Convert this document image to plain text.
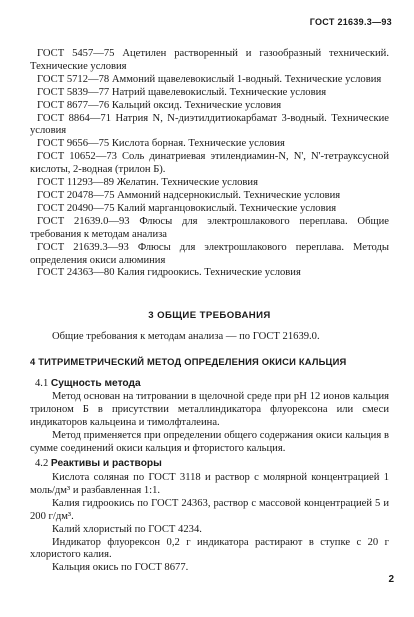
ГОСТ 21639.3—93

ГОСТ 5457—75 Ацетилен растворенный и газообразный технический. Технические условия

ГОСТ 5712—78 Аммоний щавелевокислый 1-водный. Технические условия

ГОСТ 5839—77 Натрий щавелевокислый. Технические условия

ГОСТ 8677—76 Кальций оксид. Технические условия

ГОСТ 8864—71 Натрия N, N-диэтилдитиокарбамат 3-водный. Технические условия

ГОСТ 9656—75 Кислота борная. Технические условия

ГОСТ 10652—73 Соль динатриевая этилендиамин-N, N', N'-тетрауксусной кислоты, 2-водная (трилон Б).

ГОСТ 11293—89 Желатин. Технические условия

ГОСТ 20478—75 Аммоний надсернокислый. Технические условия

ГОСТ 20490—75 Калий марганцовокислый. Технические условия

ГОСТ 21639.0—93 Флюсы для электрошлакового переплава. Общие требования к методам анализа

ГОСТ 21639.3—93 Флюсы для электрошлакового переплава. Методы определения окиси алюминия

ГОСТ 24363—80 Калия гидроокись. Технические условия

3 ОБЩИЕ ТРЕБОВАНИЯ
Общие требования к методам анализа — по ГОСТ 21639.0.
4 ТИТРИМЕТРИЧЕСКИЙ МЕТОД ОПРЕДЕЛЕНИЯ ОКИСИ КАЛЬЦИЯ
4.1 Сущность метода

Метод основан на титровании в щелочной среде при pH 12 ионов кальция трилоном Б в присутствии металлиндикатора флуорексона или смеси индикаторов кальцеина и тимолфталеина.

Метод применяется при определении общего содержания окиси кальция в сумме соединений окиси кальция и фтористого кальция.

4.2 Реактивы и растворы

Кислота соляная по ГОСТ 3118 и раствор с молярной концентрацией 1 моль/дм³ и разбавленная 1:1.

Калия гидроокись по ГОСТ 24363, раствор с массовой концентрацией 5 и 200 г/дм³.

Калий хлористый по ГОСТ 4234.

Индикатор флуорексон 0,2 г индикатора растирают в ступке с 20 г хлористого калия.

Кальция окись по ГОСТ 8677.

2
